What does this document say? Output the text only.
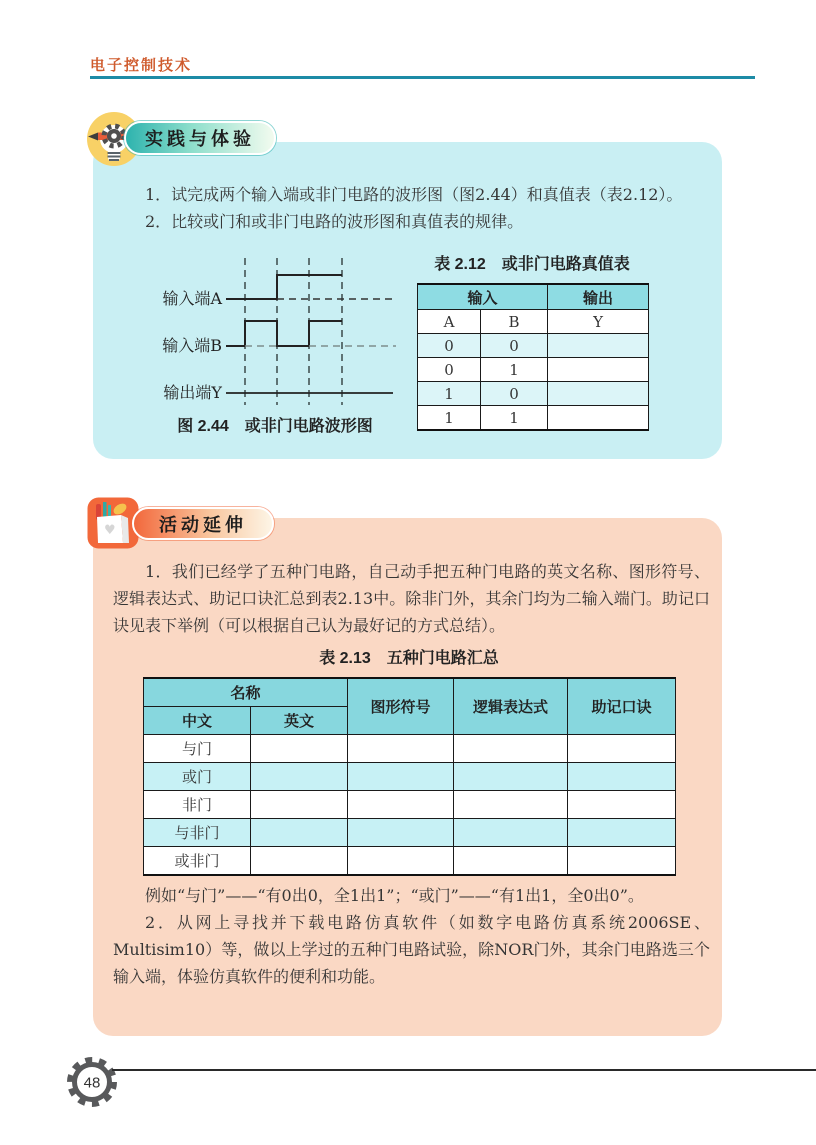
电子控制技术
实践与体验

1．试完成两个输入端或非门电路的波形图（图2.44）和真值表（表2.12）。

2．比较或门和或非门电路的波形图和真值表的规律。

输入端A
输入端B
输出端Y
图 2.44　或非门电路波形图
表 2.12　或非门电路真值表
输入		输出
A	B	Y
0	0	
0	1	
1	0	
1	1	
♥	活动延伸

1．我们已经学了五种门电路，自己动手把五种门电路的英文名称、图形符号、逻辑表达式、助记口诀汇总到表2.13中。除非门外，其余门均为二输入端门。助记口诀见表下举例（可以根据自己认为最好记的方式总结）。

表 2.13　五种门电路汇总
名称		图形符号	逻辑表达式	助记口诀
中文	英文			
与门				
或门				
非门				
与非门				
或非门				

例如“与门”——“有0出0，全1出1”；“或门”——“有1出1，全0出0”。

2．从网上寻找并下载电路仿真软件（如数字电路仿真系统2006SE、Multisim10）等，做以上学过的五种门电路试验，除NOR门外，其余门电路选三个输入端，体验仿真软件的便利和功能。

48
